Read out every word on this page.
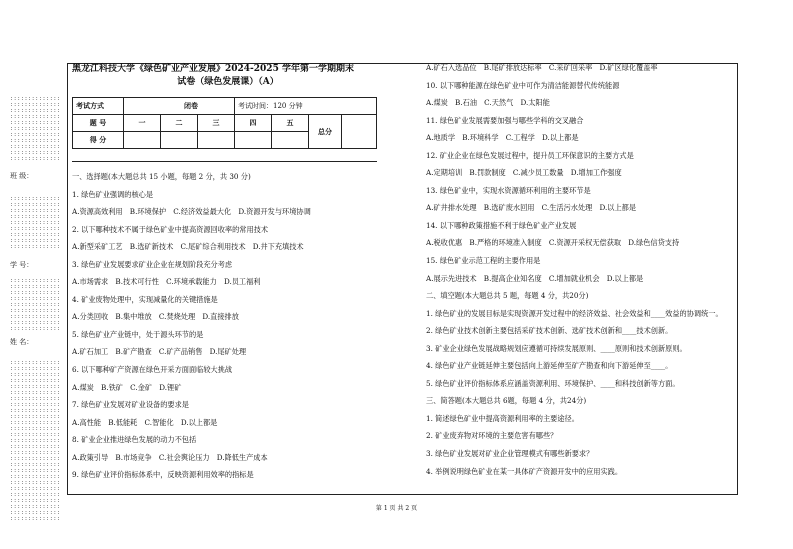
::::::::::::::
::::::::::::::
::::::::::::::
::::::::::::::
::::::::::::::
::::::::::::::
::::::::::::::
::::::::::::::
::::::::::::::
::::::::::::::
::::::::::::::
班 级：
::::::::::::::
::::::::::::::
::::::::::::::
::::::::::::::
::::::::::::::
::::::::::::::
::::::::::::::
::::::::::::::
::::::::::::::
学 号：
::::::::::::::
::::::::::::::
::::::::::::::
::::::::::::::
::::::::::::::
::::::::::::::
::::::::::::::
::::::::::::::
::::::::::::::
姓 名：
::::::::::::::
::::::::::::::
::::::::::::::
::::::::::::::
::::::::::::::
::::::::::::::
::::::::::::::
::::::::::::::
::::::::::::::
::::::::::::::
::::::::::::::
::::::::::::::
::::::::::::::
::::::::::::::
::::::::::::::
::::::::::::::
::::::::::::::
::::::::::::::
::::::::::::::
::::::::::::::
::::::::::::::
::::::::::::::
::::::::::::::
::::::::::::::
::::::::::::::
::::::::::::::
::::::::::::::
黑龙江科技大学《绿色矿业产业发展》2024-2025 学年第一学期期末
试卷（绿色发展课）（A）
考试方式	闭卷			考试时间：120 分钟			
题 号	一	二	三	四	五	总分	
得 分							
一、选择题(本大题总共 15 小题，每题 2 分，共 30 分)
1. 绿色矿业强调的核心是
A.资源高效利用　B.环境保护　C.经济效益最大化　D.资源开发与环境协调
2. 以下哪种技术不属于绿色矿业中提高资源回收率的常用技术
A.新型采矿工艺　B.选矿新技术　C.尾矿综合利用技术　D.井下充填技术
3. 绿色矿业发展要求矿业企业在规划阶段充分考虑
A.市场需求　B.技术可行性　C.环境承载能力　D.员工福利
4. 矿业废物处理中，实现减量化的关键措施是
A.分类回收　B.集中堆放　C.焚烧处理　D.直接排放
5. 绿色矿业产业链中，处于源头环节的是
A.矿石加工　B.矿产勘查　C.矿产品销售　D.尾矿处理
6. 以下哪种矿产资源在绿色开采方面面临较大挑战
A.煤炭　B.铁矿　C.金矿　D.锂矿
7. 绿色矿业发展对矿业设备的要求是
A.高性能　B.低能耗　C.智能化　D.以上都是
8. 矿业企业推进绿色发展的动力不包括
A.政策引导　B.市场竞争　C.社会舆论压力　D.降低生产成本
9. 绿色矿业评价指标体系中，反映资源利用效率的指标是
A.矿石入选品位　B.尾矿排放达标率　C.采矿回采率　D.矿区绿化覆盖率
10. 以下哪种能源在绿色矿业中可作为清洁能源替代传统能源
A.煤炭　B.石油　C.天然气　D.太阳能
11. 绿色矿业发展需要加强与哪些学科的交叉融合
A.地质学　B.环境科学　C.工程学　D.以上都是
12. 矿业企业在绿色发展过程中，提升员工环保意识的主要方式是
A.定期培训　B.罚款制度　C.减少员工数量　D.增加工作强度
13. 绿色矿业中，实现水资源循环利用的主要环节是
A.矿井排水处理　B.选矿废水回用　C.生活污水处理　D.以上都是
14. 以下哪种政策措施不利于绿色矿业产业发展
A.税收优惠　B.严格的环境准入制度　C.资源开采权无偿获取　D.绿色信贷支持
15. 绿色矿业示范工程的主要作用是
A.展示先进技术　B.提高企业知名度　C.增加就业机会　D.以上都是
二、填空题(本大题总共 5 题，每题 4 分，共20分)
1. 绿色矿业的发展目标是实现资源开发过程中的经济效益、社会效益和____效益的协调统一。
2. 绿色矿业技术创新主要包括采矿技术创新、选矿技术创新和____技术创新。
3. 矿业企业绿色发展战略规划应遵循可持续发展原则、____原则和技术创新原则。
4. 绿色矿业产业链延伸主要包括向上游延伸至矿产勘查和向下游延伸至____。
5. 绿色矿业评价指标体系应涵盖资源利用、环境保护、____和科技创新等方面。
三、简答题(本大题总共 6题，每题 4 分，共24分)
1. 简述绿色矿业中提高资源利用率的主要途径。
2. 矿业废弃物对环境的主要危害有哪些？
3. 绿色矿业发展对矿业企业管理模式有哪些新要求？
4. 举例说明绿色矿业在某一具体矿产资源开发中的应用实践。
第 1 页 共 2 页
